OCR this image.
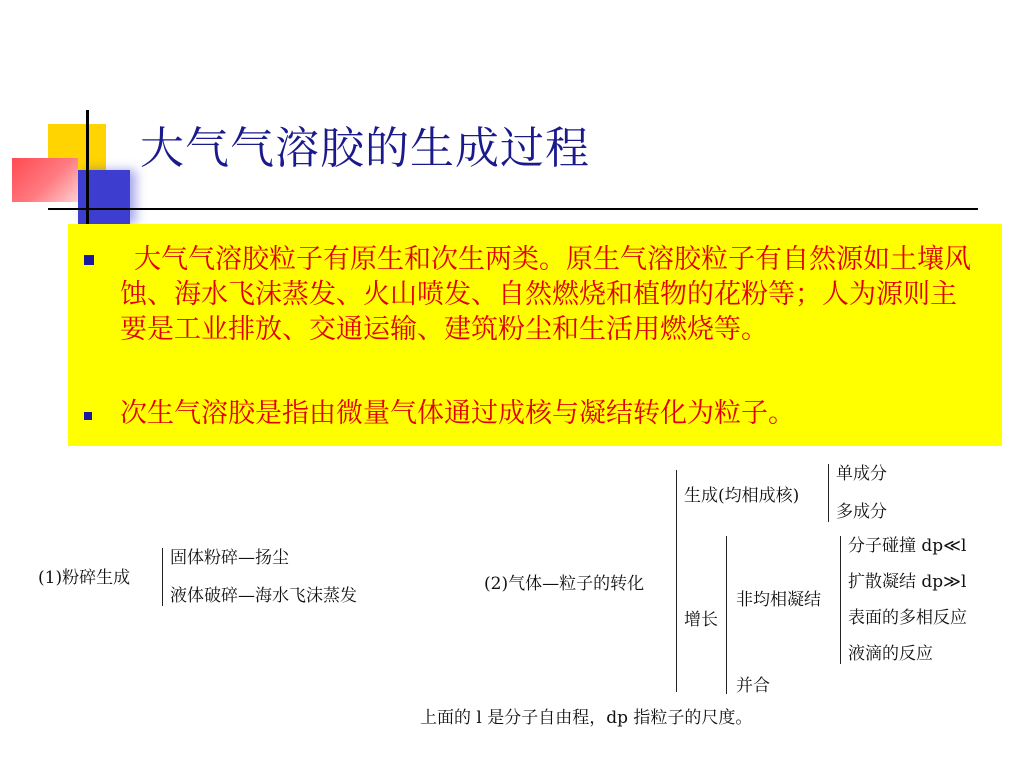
大气气溶胶的生成过程
大气气溶胶粒子有原生和次生两类。原生气溶胶粒子有自然源如土壤风蚀、海水飞沫蒸发、火山喷发、自然燃烧和植物的花粉等；人为源则主要是工业排放、交通运输、建筑粉尘和生活用燃烧等。
次生气溶胶是指由微量气体通过成核与凝结转化为粒子。
(1)粉碎生成
固体粉碎—扬尘
液体破碎—海水飞沫蒸发
(2)气体—粒子的转化
生成(均相成核)
单成分
多成分
增长
非均相凝结
分子碰撞 dp≪l
扩散凝结 dp≫l
表面的多相反应
液滴的反应
并合
上面的 l 是分子自由程，dp 指粒子的尺度。
